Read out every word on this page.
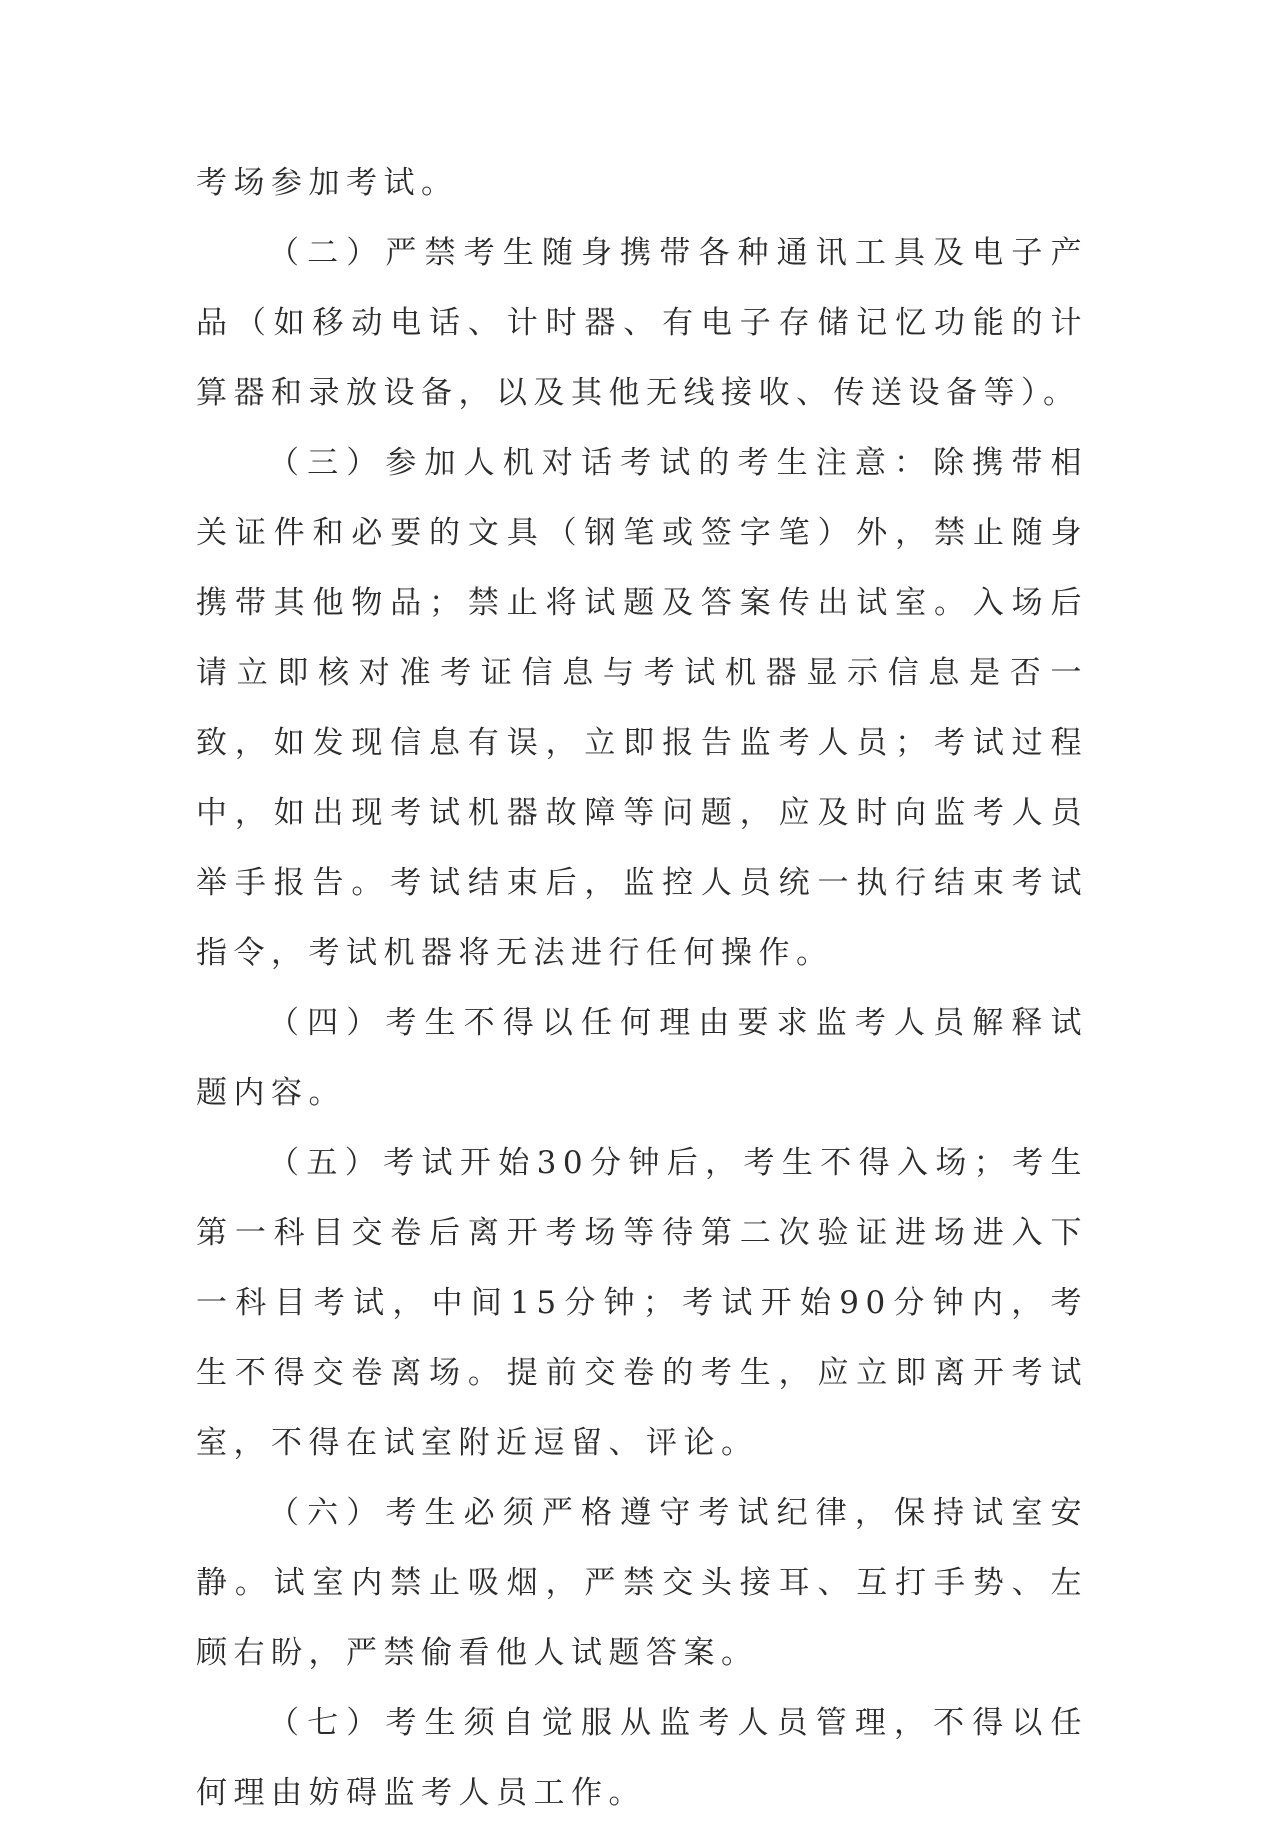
考场参加考试。

（二）严禁考生随身携带各种通讯工具及电子产品（如移动电话、计时器、有电子存储记忆功能的计算器和录放设备，以及其他无线接收、传送设备等）。

（三）参加人机对话考试的考生注意：除携带相关证件和必要的文具（钢笔或签字笔）外，禁止随身携带其他物品；禁止将试题及答案传出试室。入场后请立即核对准考证信息与考试机器显示信息是否一致，如发现信息有误，立即报告监考人员；考试过程中，如出现考试机器故障等问题，应及时向监考人员举手报告。考试结束后，监控人员统一执行结束考试指令，考试机器将无法进行任何操作。

（四）考生不得以任何理由要求监考人员解释试题内容。

（五）考试开始30分钟后，考生不得入场；考生第一科目交卷后离开考场等待第二次验证进场进入下一科目考试，中间15分钟；考试开始90分钟内，考生不得交卷离场。提前交卷的考生，应立即离开考试室，不得在试室附近逗留、评论。

（六）考生必须严格遵守考试纪律，保持试室安静。试室内禁止吸烟，严禁交头接耳、互打手势、左顾右盼，严禁偷看他人试题答案。

（七）考生须自觉服从监考人员管理，不得以任何理由妨碍监考人员工作。
